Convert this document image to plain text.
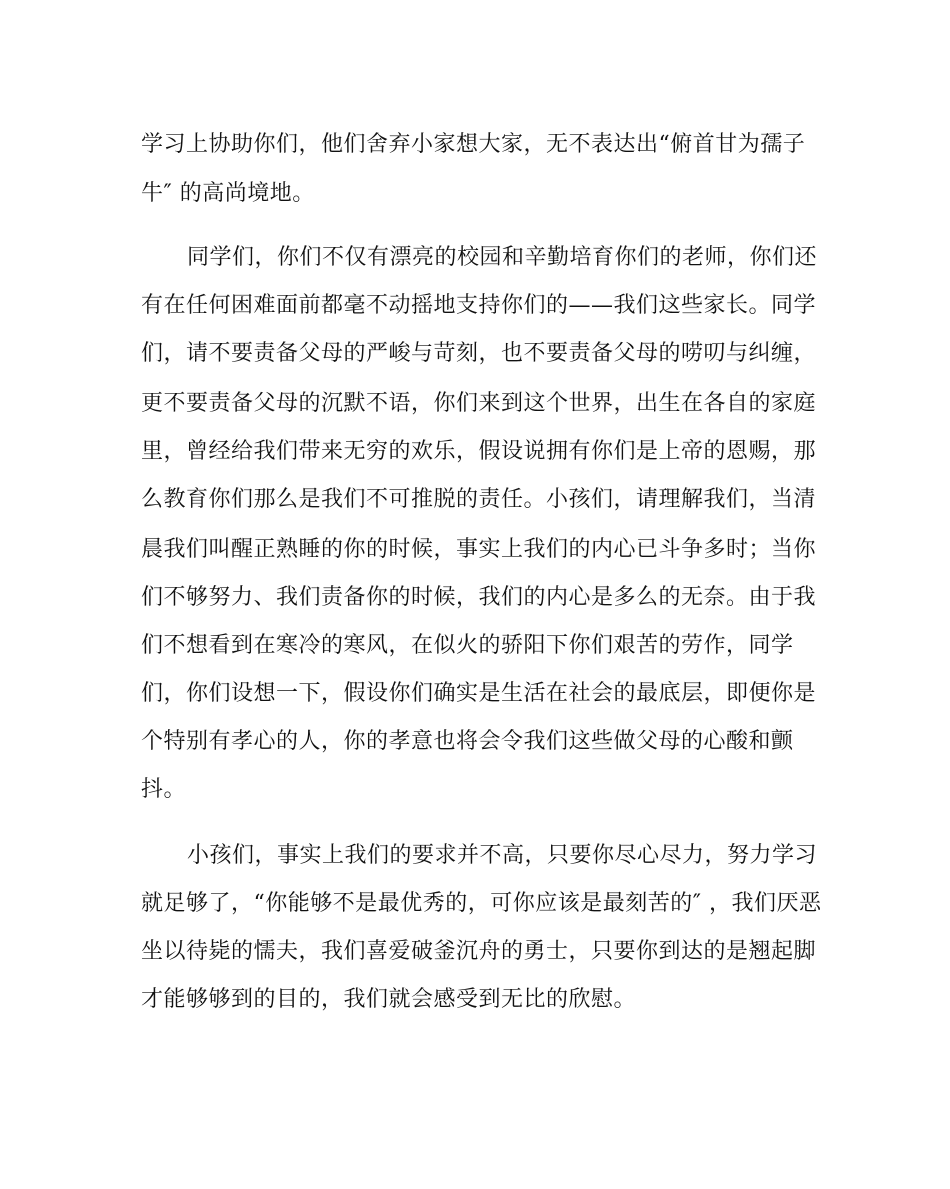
学习上协助你们，他们舍弃小家想大家，无不表达出“俯首甘为孺子
牛″ 的高尚境地。
同学们，你们不仅有漂亮的校园和辛勤培育你们的老师，你们还
有在任何困难面前都毫不动摇地支持你们的——我们这些家长。同学
们，请不要责备父母的严峻与苛刻，也不要责备父母的唠叨与纠缠，
更不要责备父母的沉默不语，你们来到这个世界，出生在各自的家庭
里，曾经给我们带来无穷的欢乐，假设说拥有你们是上帝的恩赐，那
么教育你们那么是我们不可推脱的责任。小孩们，请理解我们，当清
晨我们叫醒正熟睡的你的时候，事实上我们的内心已斗争多时；当你
们不够努力、我们责备你的时候，我们的内心是多么的无奈。由于我
们不想看到在寒冷的寒风，在似火的骄阳下你们艰苦的劳作，同学
们，你们设想一下，假设你们确实是生活在社会的最底层，即便你是
个特别有孝心的人，你的孝意也将会令我们这些做父母的心酸和颤
抖。
小孩们，事实上我们的要求并不高，只要你尽心尽力，努力学习
就足够了，“你能够不是最优秀的，可你应该是最刻苦的″ ，我们厌恶
坐以待毙的懦夫，我们喜爱破釜沉舟的勇士，只要你到达的是翘起脚
才能够够到的目的，我们就会感受到无比的欣慰。
